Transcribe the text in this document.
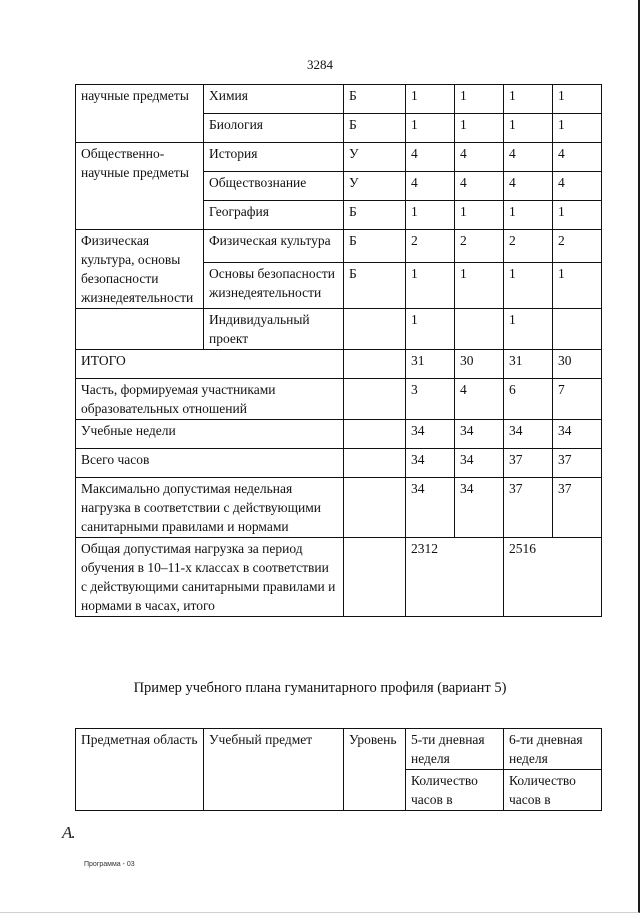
3284
научные предметы	Химия	Б	1	1	1	1
	Биология	Б	1	1	1	1
Общественно-научные предметы	История	У	4	4	4	4
	Обществознание	У	4	4	4	4
	География	Б	1	1	1	1
Физическая культура, основы безопасности жизнедеятельности	Физическая культура	Б	2	2	2	2
	Основы безопасности жизнедеятельности	Б	1	1	1	1
	Индивидуальный проект		1		1	
ИТОГО			31	30	31	30
Часть, формируемая участниками образовательных отношений			3	4	6	7
Учебные недели			34	34	34	34
Всего часов			34	34	37	37
Максимально допустимая недельная нагрузка в соответствии с действующими санитарными правилами и нормами			34	34	37	37
Общая допустимая нагрузка за период обучения в 10–11-х классах в соответствии с действующими санитарными правилами и нормами в часах, итого			2312		2516	
Пример учебного плана гуманитарного профиля (вариант 5)
Предметная область	Учебный предмет	Уровень	5-ти дневная неделя	6-ти дневная неделя
			Количество часов в	Количество часов в
А.
Программа - 03
